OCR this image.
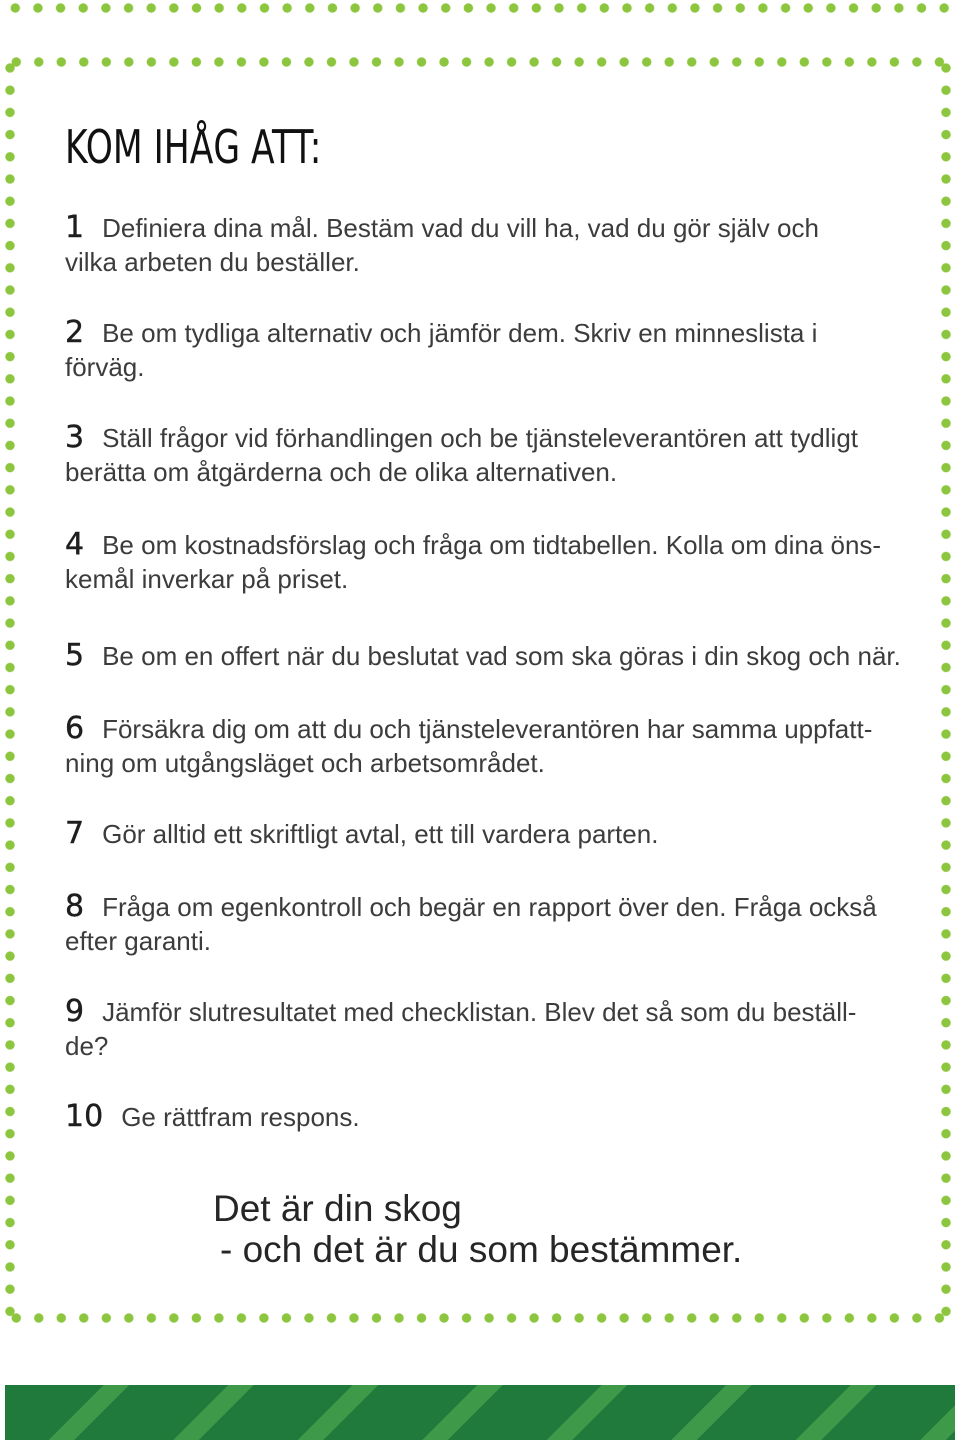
KOM IHÅG ATT:
1 Definiera dina mål. Bestäm vad du vill ha, vad du gör själv och
vilka arbeten du beställer.
2 Be om tydliga alternativ och jämför dem. Skriv en minneslista i
förväg.
3 Ställ frågor vid förhandlingen och be tjänsteleverantören att tydligt
berätta om åtgärderna och de olika alternativen.
4 Be om kostnadsförslag och fråga om tidtabellen. Kolla om dina öns-
kemål inverkar på priset.
5 Be om en offert när du beslutat vad som ska göras i din skog och när.
6 Försäkra dig om att du och tjänsteleverantören har samma uppfatt-
ning om utgångsläget och arbetsområdet.
7 Gör alltid ett skriftligt avtal, ett till vardera parten.
8 Fråga om egenkontroll och begär en rapport över den. Fråga också
efter garanti.
9 Jämför slutresultatet med checklistan. Blev det så som du beställ-
de?
10 Ge rättfram respons.
Det är din skog
- och det är du som bestämmer.
